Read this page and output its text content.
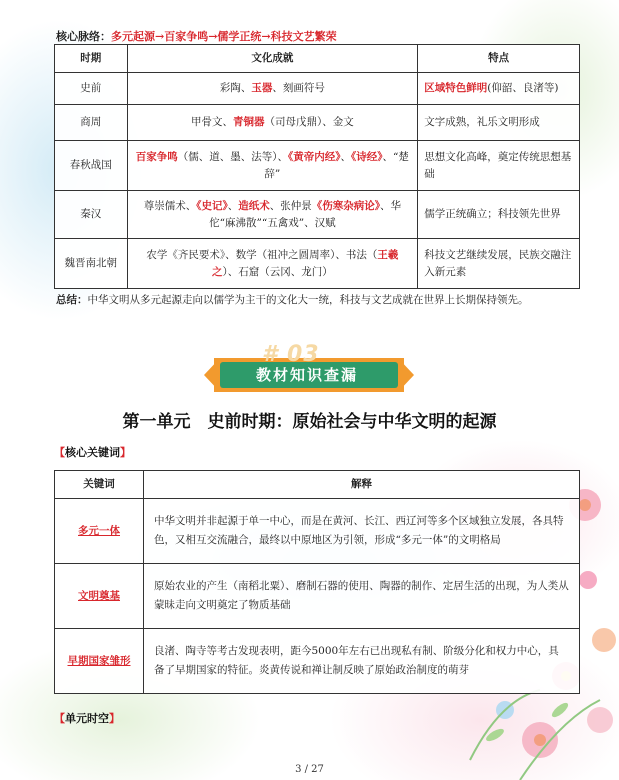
核心脉络：多元起源→百家争鸣→儒学正统→科技文艺繁荣
时期	文化成就	特点
史前	彩陶、玉器、刻画符号	区域特色鲜明(仰韶、良渚等)
商周	甲骨文、青铜器（司母戊鼎）、金文	文字成熟，礼乐文明形成
春秋战国	百家争鸣（儒、道、墨、法等）、《黄帝内经》、《诗经》、“楚辞”	思想文化高峰，奠定传统思想基础
秦汉	尊崇儒术、《史记》、造纸术、张仲景《伤寒杂病论》、华佗“麻沸散”“五禽戏”、汉赋	儒学正统确立；科技领先世界
魏晋南北朝	农学《齐民要术》、数学（祖冲之圆周率）、书法（王羲之）、石窟（云冈、龙门）	科技文艺继续发展，民族交融注入新元素
总结：中华文明从多元起源走向以儒学为主干的文化大一统，科技与文艺成就在世界上长期保持领先。
# 03
教材知识查漏
第一单元　史前时期：原始社会与中华文明的起源
【核心关键词】
关键词	解释
多元一体	中华文明并非起源于单一中心，而是在黄河、长江、西辽河等多个区域独立发展，各具特色，又相互交流融合，最终以中原地区为引领，形成“多元一体”的文明格局
文明奠基	原始农业的产生（南稻北粟）、磨制石器的使用、陶器的制作、定居生活的出现，为人类从蒙昧走向文明奠定了物质基础
早期国家雏形	良渚、陶寺等考古发现表明，距今5000年左右已出现私有制、阶级分化和权力中心，具备了早期国家的特征。炎黄传说和禅让制反映了原始政治制度的萌芽
【单元时空】
3 / 27
